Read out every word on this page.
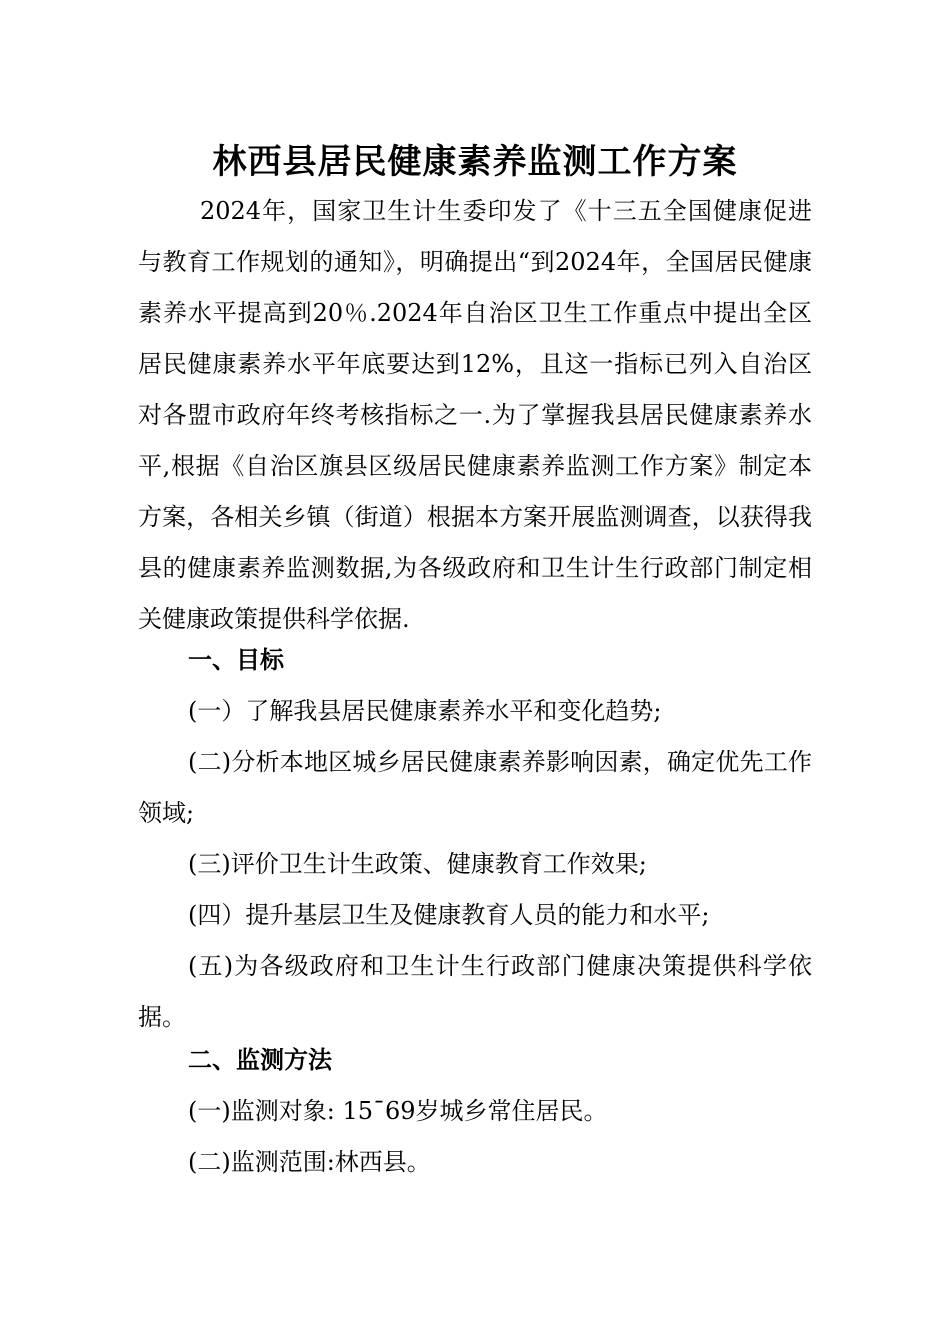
林西县居民健康素养监测工作方案

2024年，国家卫生计生委印发了《十三五全国健康促进与教育工作规划的通知》，明确提出“到2024年，全国居民健康素养水平提高到20％.2024年自治区卫生工作重点中提出全区居民健康素养水平年底要达到12%，且这一指标已列入自治区对各盟市政府年终考核指标之一.为了掌握我县居民健康素养水平,根据《自治区旗县区级居民健康素养监测工作方案》制定本方案，各相关乡镇（街道）根据本方案开展监测调查，以获得我县的健康素养监测数据,为各级政府和卫生计生行政部门制定相关健康政策提供科学依据.

一、目标

(一）了解我县居民健康素养水平和变化趋势;

(二)分析本地区城乡居民健康素养影响因素，确定优先工作领域;

(三)评价卫生计生政策、健康教育工作效果;

(四）提升基层卫生及健康教育人员的能力和水平;

(五)为各级政府和卫生计生行政部门健康决策提供科学依据。

二、监测方法

(一)监测对象: 15¯69岁城乡常住居民。

(二)监测范围:林西县。
